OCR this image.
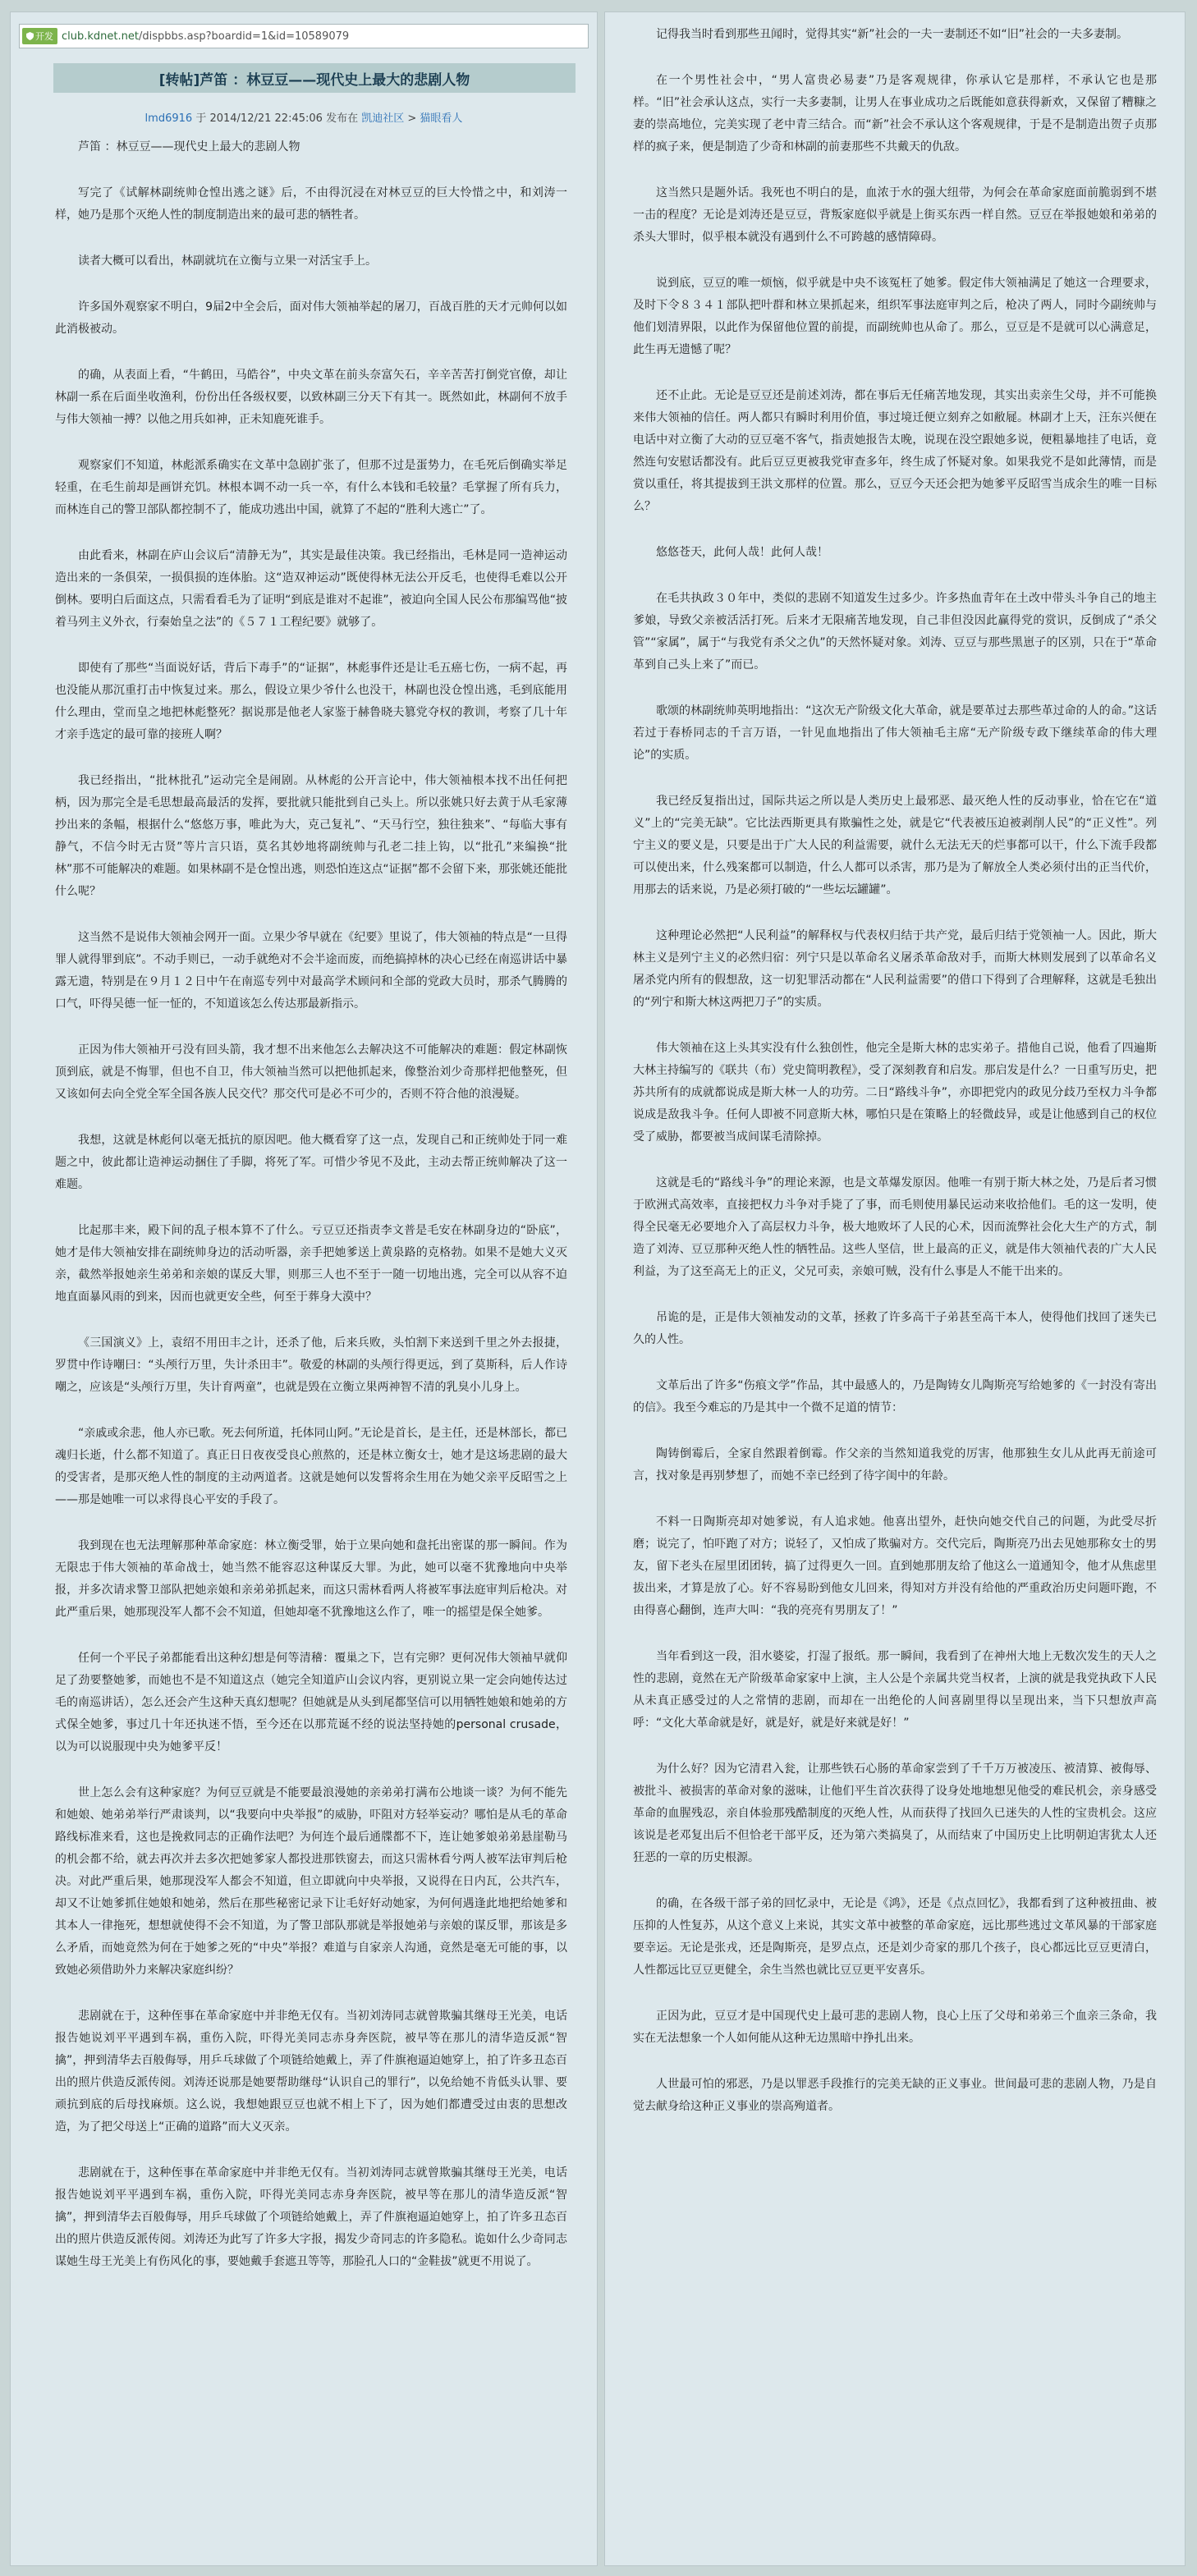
开发 club.kdnet.net /dispbbs.asp?boardid=1&id=10589079
[转帖]芦笛 ：林豆豆——现代史上最大的悲剧人物
lmd6916 于 2014/12/21 22:45:06 发布在 凯迪社区 > 猫眼看人

芦笛 ：林豆豆——现代史上最大的悲剧人物

写完了《试解林副统帅仓惶出逃之谜》后，不由得沉浸在对林豆豆的巨大怜惜之中，和刘涛一样，她乃是那个灭绝人性的制度制造出来的最可悲的牺牲者。

读者大概可以看出，林副就坑在立衡与立果一对活宝手上。

许多国外观察家不明白，9届2中全会后，面对伟大领袖举起的屠刀，百战百胜的天才元帅何以如此消极被动。

的确，从表面上看，“牛鹤田，马皓谷”，中央文革在前头奈富矢石，辛辛苦苦打倒党官僚，却让林副一系在后面坐收渔利，份份出任各级权要，以致林副三分天下有其一。既然如此，林副何不放手与伟大领袖一搏？以他之用兵如神，正未知鹿死谁手。

观察家们不知道，林彪派系确实在文革中急剧扩张了，但那不过是蛋势力，在毛死后倒确实举足轻重，在毛生前却是画饼充饥。林根本调不动一兵一卒，有什么本钱和毛较量？毛掌握了所有兵力，而林连自己的警卫部队都控制不了，能成功逃出中国，就算了不起的“胜利大逃亡”了。

由此看来，林副在庐山会议后“清静无为”，其实是最佳决策。我已经指出，毛林是同一造神运动造出来的一条俱荣，一损俱损的连体胎。这“造双神运动”既使得林无法公开反毛，也使得毛难以公开倒林。要明白后面这点，只需看看毛为了证明“到底是谁对不起谁”，被迫向全国人民公布那编骂他“披着马列主义外衣，行秦始皇之法”的《５７１工程纪要》就够了。

即使有了那些“当面说好话，背后下毒手”的“证据”，林彪事件还是让毛五癌七伤，一病不起，再也没能从那沉重打击中恢复过来。那么，假设立果少爷什么也没干，林副也没仓惶出逃，毛到底能用什么理由，堂而皇之地把林彪整死？据说那是他老人家鉴于赫鲁晓夫篡党夺权的教训，考察了几十年才亲手选定的最可靠的接班人啊？

我已经指出，“批林批孔”运动完全是闹剧。从林彪的公开言论中，伟大领袖根本找不出任何把柄，因为那完全是毛思想最高最活的发挥，要批就只能批到自己头上。所以张姚只好去黄于从毛家薄抄出来的条幅，根据什么“悠悠万事，唯此为大，克己复礼”、“天马行空，独往独来”、“每临大事有静气，不信今时无古贤”等片言只语，莫名其妙地将副统帅与孔老二挂上钩，以“批孔”来编换“批林”那不可能解决的难题。如果林副不是仓惶出逃，则恐怕连这点“证据”都不会留下来，那张姚还能批什么呢？

这当然不是说伟大领袖会网开一面。立果少爷早就在《纪要》里说了，伟大领袖的特点是“一旦得罪人就得罪到底”。不动手则已，一动手就绝对不会半途而废，而绝搞掉林的决心已经在南巡讲话中暴露无遗，特别是在９月１２日中午在南巡专列中对最高学术顾问和全部的党政大员时，那杀气腾腾的口气，吓得吴德一怔一怔的，不知道该怎么传达那最新指示。

正因为伟大领袖开弓没有回头箭，我才想不出来他怎么去解决这不可能解决的难题：假定林副恢顶到底，就是不悔罪，但也不自卫，伟大领袖当然可以把他抓起来，像整治刘少奇那样把他整死，但又该如何去向全党全军全国各族人民交代？那交代可是必不可少的，否则不符合他的浪漫疑。

我想，这就是林彪何以毫无抵抗的原因吧。他大概看穿了这一点，发现自己和正统帅处于同一难题之中，彼此都让造神运动捆住了手脚，将死了军。可惜少爷见不及此，主动去帮正统帅解决了这一难题。

比起那丰来，殿下间的乱子根本算不了什么。亏豆豆还指责李文普是毛安在林副身边的“卧底”，她才是伟大领袖安排在副统帅身边的活动听器，亲手把她爹送上黄泉路的克格勃。如果不是她大义灭亲，截然举报她亲生弟弟和亲娘的谋反大罪，则那三人也不至于一随一切地出逃，完全可以从容不迫地直面暴风雨的到来，因而也就更安全些，何至于葬身大漠中？

《三国演义》上，袁绍不用田丰之计，还杀了他，后来兵败，头怕割下来送到千里之外去报捷，罗贯中作诗嘲曰：“头颅行万里，失计杀田丰”。敬爱的林副的头颅行得更远，到了莫斯科，后人作诗嘲之，应该是“头颅行万里，失计育两童”，也就是毁在立衡立果两神智不清的乳臭小儿身上。

“亲戚或余悲，他人亦已歌。死去何所道，托体同山阿。”无论是首长，是主任，还是林部长，都已魂归长逝，什么都不知道了。真正日日夜夜受良心煎熬的，还是林立衡女士，她才是这场悲剧的最大的受害者，是那灭绝人性的制度的主动两道者。这就是她何以发誓将余生用在为她父亲平反昭雪之上——那是她唯一可以求得良心平安的手段了。

我到现在也无法理解那种革命家庭：林立衡受罪，始于立果向她和盘托出密谋的那一瞬间。作为无限忠于伟大领袖的革命战士，她当然不能容忍这种谋反大罪。为此，她可以毫不犹豫地向中央举报，并多次请求警卫部队把她亲娘和亲弟弟抓起来，而这只需林看两人将被军事法庭审判后枪决。对此严重后果，她那现没军人都不会不知道，但她却毫不犹豫地这么作了，唯一的摇望是保全她爹。

任何一个平民子弟都能看出这种幻想是何等清稽：覆巢之下，岂有完卵？更何况伟大领袖早就仰足了劲要整她爹，而她也不是不知道这点（她完全知道庐山会议内容，更别说立果一定会向她传达过毛的南巡讲话），怎么还会产生这种天真幻想呢？但她就是从头到尾都坚信可以用牺牲她娘和她弟的方式保全她爹，事过几十年还执迷不悟，至今还在以那荒诞不经的说法坚持她的personal crusade，以为可以说服现中央为她爹平反！

世上怎么会有这种家庭？为何豆豆就是不能要最浪漫她的亲弟弟打满布公地谈一谈？为何不能先和她娘、她弟弟举行严肃谈判，以“我要向中央举报”的威胁，吓阻对方轻举妄动？哪怕是从毛的革命路线标准来看，这也是挽救同志的正确作法吧？为何连个最后通牒都不下，连让她爹娘弟弟悬崖勒马的机会都不给，就去再次并去多次把她爹家人都投进那铁窗去，而这只需林看兮两人被军法审判后枪决。对此严重后果，她那现没军人都会不知道，但立即就向中央举报，又说得在日内瓦，公共汽车，却又不让她爹抓住她娘和她弟，然后在那些秘密记录下让毛好好动她家，为何何遇逢此地把给她爹和其本人一律拖死，想想就使得不会不知道，为了警卫部队那就是举报她弟与亲娘的谋反罪，那该是多么矛盾，而她竟然为何在于她爹之死的“中央”举报？难道与自家亲人沟通，竟然是毫无可能的事，以致她必须借助外力来解决家庭纠纷？

悲剧就在于，这种侄事在革命家庭中并非绝无仅有。当初刘涛同志就曾欺骗其继母王光美，电话报告她说刘平平遇到车祸，重伤入院，吓得光美同志赤身奔医院，被早等在那儿的清华造反派“智擒”，押到清华去百般侮辱，用乒乓球做了个项链给她戴上，弄了件旗袍逼迫她穿上，拍了许多丑态百出的照片供造反派传阅。刘涛还说那是她要帮助继母“认识自己的罪行”，以免给她不肯低头认罪、要顽抗到底的后母找麻烦。这么说，我想她跟豆豆也就不相上下了，因为她们都遭受过由衷的思想改造，为了把父母送上“正确的道路”而大义灭亲。

悲剧就在于，这种侄事在革命家庭中并非绝无仅有。当初刘涛同志就曾欺骗其继母王光美，电话报告她说刘平平遇到车祸，重伤入院，吓得光美同志赤身奔医院，被早等在那儿的清华造反派“智擒”，押到清华去百般侮辱，用乒乓球做了个项链给她戴上，弄了件旗袍逼迫她穿上，拍了许多丑态百出的照片供造反派传阅。刘涛还为此写了许多大字报，揭发少奇同志的许多隐私。诡如什么少奇同志谋她生母王光美上有伤风化的事，要她戴手套遮丑等等，那脸孔人口的“金鞋拔”就更不用说了。

记得我当时看到那些丑闻时，觉得其实“新”社会的一夫一妻制还不如“旧”社会的一夫多妻制。

在一个男性社会中，“男人富贵必易妻”乃是客观规律，你承认它是那样，不承认它也是那样。“旧”社会承认这点，实行一夫多妻制，让男人在事业成功之后既能如意获得新欢，又保留了糟糠之妻的崇高地位，完美实现了老中青三结合。而“新”社会不承认这个客观规律，于是不是制造出贺子贞那样的疯子来，便是制造了少奇和林副的前妻那些不共戴天的仇敌。

这当然只是题外话。我死也不明白的是，血浓于水的强大纽带，为何会在革命家庭面前脆弱到不堪一击的程度？无论是刘涛还是豆豆，背叛家庭似乎就是上街买东西一样自然。豆豆在举报她娘和弟弟的杀头大罪时，似乎根本就没有遇到什么不可跨越的感情障碍。

说到底，豆豆的唯一烦恼，似乎就是中央不该冤枉了她爹。假定伟大领袖满足了她这一合理要求，及时下令８３４１部队把叶群和林立果抓起来，组织军事法庭审判之后，枪决了两人，同时今副统帅与他们划清界限，以此作为保留他位置的前提，而副统帅也从命了。那么，豆豆是不是就可以心满意足，此生再无遗憾了呢？

还不止此。无论是豆豆还是前述刘涛，都在事后无任痛苦地发现，其实出卖亲生父母，并不可能换来伟大领袖的信任。两人都只有瞬时利用价值，事过境迁便立刻弃之如敝屣。林副才上天，汪东兴便在电话中对立衡了大动的豆豆毫不客气，指责她报告太晚，说现在没空跟她多说，便粗暴地挂了电话，竟然连句安慰话都没有。此后豆豆更被我党审查多年，终生成了怀疑对象。如果我党不是如此薄情，而是赏以重任，将其提拔到王洪文那样的位置。那么，豆豆今天还会把为她爹平反昭雪当成余生的唯一目标么？

悠悠苍天，此何人哉！此何人哉！

在毛共执政３０年中，类似的悲剧不知道发生过多少。许多热血青年在土改中带头斗争自己的地主爹娘，导致父亲被活活打死。后来才无限痛苦地发现，自己非但没因此赢得党的赏识，反倒成了“杀父管”“家属”，属于“与我党有杀父之仇”的天然怀疑对象。刘涛、豆豆与那些黑崽子的区别，只在于“革命革到自己头上来了”而已。

歌颂的林副统帅英明地指出：“这次无产阶级文化大革命，就是要革过去那些革过命的人的命。”这话若过于春桥同志的千言万语，一针见血地指出了伟大领袖毛主席“无产阶级专政下继续革命的伟大理论”的实质。

我已经反复指出过，国际共运之所以是人类历史上最邪恶、最灭绝人性的反动事业，恰在它在“道义”上的“完美无缺”。它比法西斯更具有欺骗性之处，就是它“代表被压迫被剥削人民”的“正义性”。列宁主义的要义是，只要是出于广大人民的利益需要，就什么无法无天的烂事都可以干，什么下流手段都可以使出来，什么残案都可以制造，什么人都可以杀害，那乃是为了解放全人类必须付出的正当代价，用那去的话来说，乃是必须打破的“一些坛坛罐罐”。

这种理论必然把“人民利益”的解释权与代表权归结于共产党，最后归结于党领袖一人。因此，斯大林主义是列宁主义的必然归宿：列宁只是以革命名义屠杀革命敌对手，而斯大林则发展到了以革命名义屠杀党内所有的假想敌，这一切犯罪活动都在“人民利益需要”的借口下得到了合理解释，这就是毛独出的“列宁和斯大林这两把刀子”的实质。

伟大领袖在这上头其实没有什么独创性，他完全是斯大林的忠实弟子。措他自己说，他看了四遍斯大林主持编写的《联共（布）党史简明教程》，受了深刻教育和启发。那启发是什么？一日重写历史，把苏共所有的成就都说成是斯大林一人的功劳。二日“路线斗争”，亦即把党内的政见分歧乃至权力斗争都说成是敌我斗争。任何人即被不同意斯大林，哪怕只是在策略上的轻微歧异，或是让他感到自己的权位受了威胁，都要被当成间谋毛清除掉。

这就是毛的“路线斗争”的理论来源，也是文革爆发原因。他唯一有别于斯大林之处，乃是后者习惯于欧洲式高效率，直接把权力斗争对手毙了了事，而毛则使用暴民运动来收拾他们。毛的这一发明，使得全民毫无必要地介入了高层权力斗争，极大地败坏了人民的心术，因而流弊社会化大生产的方式，制造了刘涛、豆豆那种灭绝人性的牺牲品。这些人坚信，世上最高的正义，就是伟大领袖代表的广大人民利益，为了这至高无上的正义，父兄可卖，亲娘可贼，没有什么事是人不能干出来的。

吊诡的是，正是伟大领袖发动的文革，拯救了许多高干子弟甚至高干本人，使得他们找回了迷失已久的人性。

文革后出了许多“伤痕文学”作品，其中最感人的，乃是陶铸女儿陶斯亮写给她爹的《一封没有寄出的信》。我至今难忘的乃是其中一个微不足道的情节：

陶铸倒霉后，全家自然跟着倒霉。作父亲的当然知道我党的厉害，他那独生女儿从此再无前途可言，找对象是再别梦想了，而她不幸已经到了待字闺中的年龄。

不料一日陶斯亮却对她爹说，有人追求她。他喜出望外，赶快向她交代自己的问题，为此受尽折磨；说完了，怕吓跑了对方；说轻了，又怕成了欺骗对方。交代完后，陶斯亮乃出去见她那称女士的男友，留下老头在屋里团团转，搞了过得更久一回。直到她那朋友给了他这么一道通知令，他才从焦虑里拔出来，才算是放了心。好不容易盼到他女儿回来，得知对方并没有给他的严重政治历史问题吓跑，不由得喜心翻倒，连声大叫：“我的亮亮有男朋友了！”

当年看到这一段，泪水婆娑，打湿了报纸。那一瞬间，我看到了在神州大地上无数次发生的天人之性的悲剧，竟然在无产阶级革命家家中上演，主人公是个亲属共党当权者，上演的就是我党执政下人民从未真正感受过的人之常情的悲剧，而却在一出绝伦的人间喜剧里得以呈现出来，当下只想放声高呼：“文化大革命就是好，就是好，就是好来就是好！”

为什么好？因为它清君入瓮，让那些铁石心肠的革命家尝到了千千万万被凌压、被清算、被侮辱、被批斗、被损害的革命对象的滋味，让他们平生首次获得了设身处地地想见他受的难民机会，亲身感受革命的血腥残忍，亲自体验那残酷制度的灭绝人性，从而获得了找回久已迷失的人性的宝贵机会。这应该说是老邓复出后不但恰老干部平反，还为第六类搞臭了，从而结束了中国历史上比明朝迫害犹太人还狂恶的一章的历史根源。

的确，在各级干部子弟的回忆录中，无论是《鸿》，还是《点点回忆》，我都看到了这种被扭曲、被压抑的人性复苏，从这个意义上来说，其实文革中被整的革命家庭，远比那些逃过文革风暴的干部家庭要幸运。无论是张戎，还是陶斯亮，是罗点点，还是刘少奇家的那几个孩子，良心都远比豆豆更清白，人性都远比豆豆更健全，余生当然也就比豆豆更平安喜乐。

正因为此，豆豆才是中国现代史上最可悲的悲剧人物，良心上压了父母和弟弟三个血亲三条命，我实在无法想象一个人如何能从这种无边黑暗中挣扎出来。

人世最可怕的邪恶，乃是以罪恶手段推行的完美无缺的正义事业。世间最可悲的悲剧人物，乃是自觉去献身给这种正义事业的崇高殉道者。
